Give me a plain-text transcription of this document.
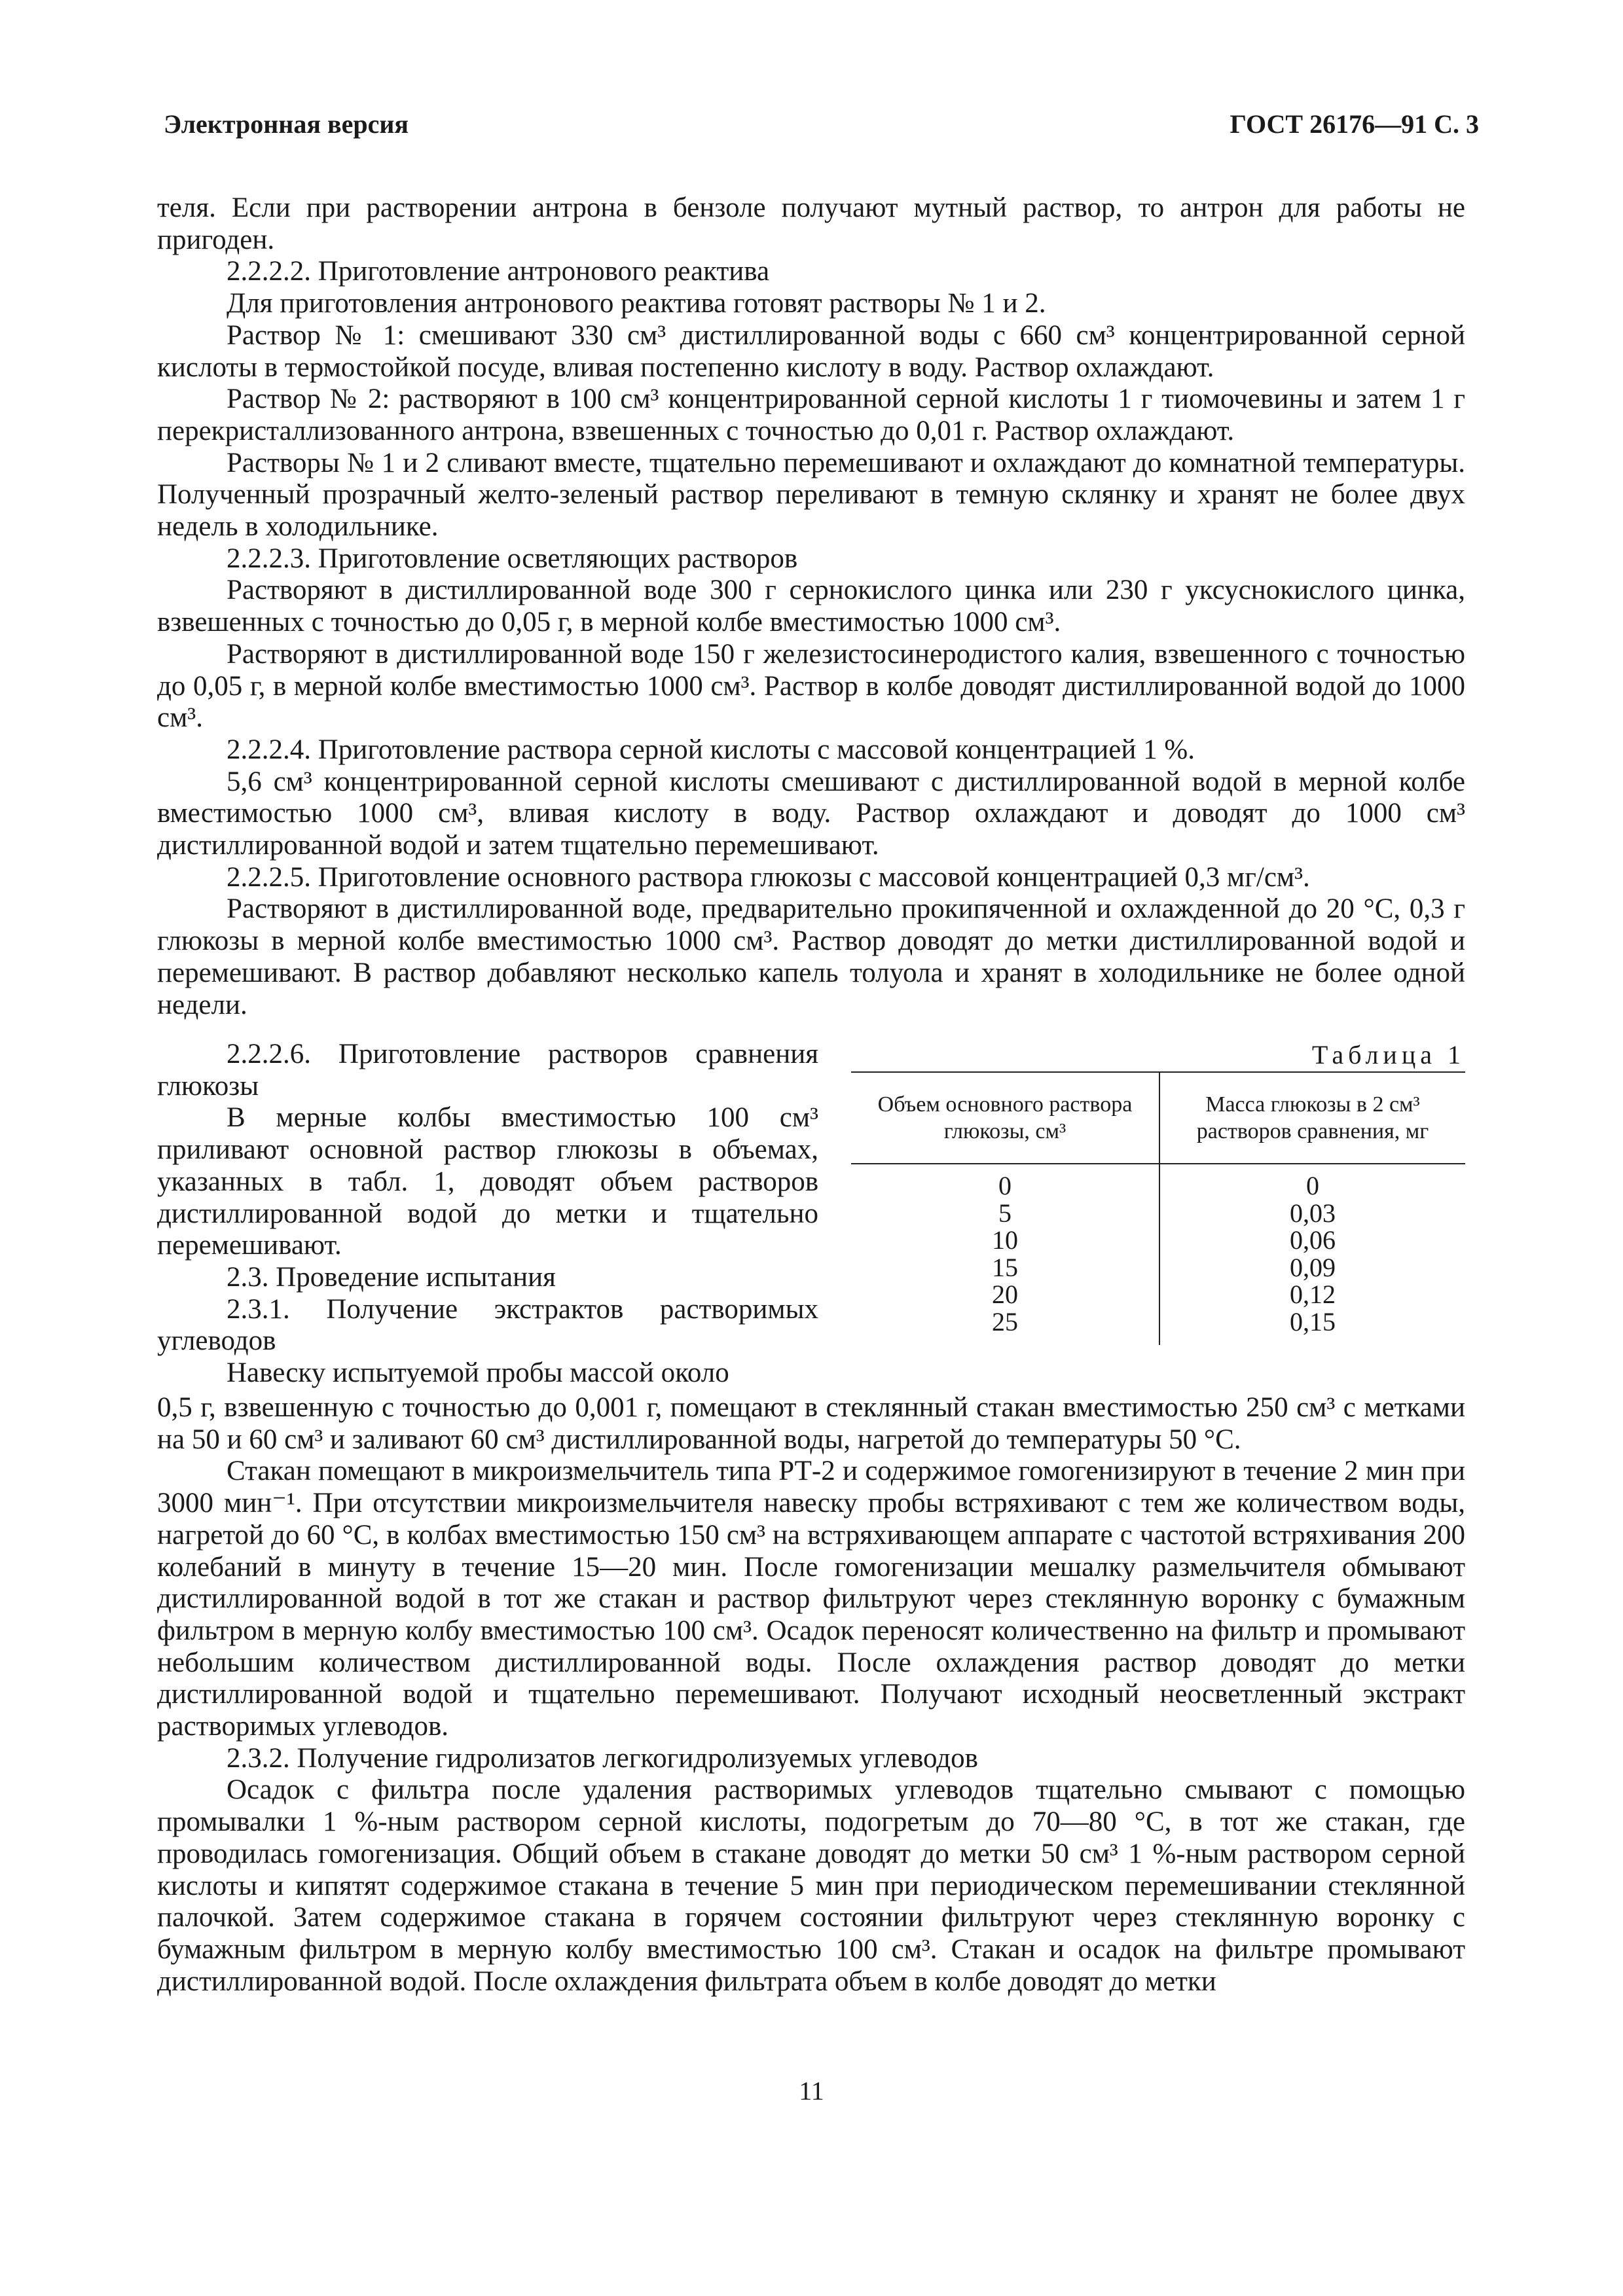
Электронная версия	ГОСТ 26176—91 С. 3

теля. Если при растворении антрона в бензоле получают мутный раствор, то антрон для работы не пригоден.

2.2.2.2. Приготовление антронового реактива

Для приготовления антронового реактива готовят растворы № 1 и 2.

Раствор № 1: смешивают 330 см³ дистиллированной воды с 660 см³ концентрированной серной кислоты в термостойкой посуде, вливая постепенно кислоту в воду. Раствор охлаждают.

Раствор № 2: растворяют в 100 см³ концентрированной серной кислоты 1 г тиомочевины и затем 1 г перекристаллизованного антрона, взвешенных с точностью до 0,01 г. Раствор охлаждают.

Растворы № 1 и 2 сливают вместе, тщательно перемешивают и охлаждают до комнатной температуры. Полученный прозрачный желто-зеленый раствор переливают в темную склянку и хранят не более двух недель в холодильнике.

2.2.2.3. Приготовление осветляющих растворов

Растворяют в дистиллированной воде 300 г сернокислого цинка или 230 г уксуснокислого цинка, взвешенных с точностью до 0,05 г, в мерной колбе вместимостью 1000 см³.

Растворяют в дистиллированной воде 150 г железистосинеродистого калия, взвешенного с точностью до 0,05 г, в мерной колбе вместимостью 1000 см³. Раствор в колбе доводят дистиллированной водой до 1000 см³.

2.2.2.4. Приготовление раствора серной кислоты с массовой концентрацией 1 %.

5,6 см³ концентрированной серной кислоты смешивают с дистиллированной водой в мерной колбе вместимостью 1000 см³, вливая кислоту в воду. Раствор охлаждают и доводят до 1000 см³ дистиллированной водой и затем тщательно перемешивают.

2.2.2.5. Приготовление основного раствора глюкозы с массовой концентрацией 0,3 мг/см³.

Растворяют в дистиллированной воде, предварительно прокипяченной и охлажденной до 20 °С, 0,3 г глюкозы в мерной колбе вместимостью 1000 см³. Раствор доводят до метки дистиллированной водой и перемешивают. В раствор добавляют несколько капель толуола и хранят в холодильнике не более одной недели.

2.2.2.6. Приготовление растворов сравнения глюкозы

В мерные колбы вместимостью 100 см³ приливают основной раствор глюкозы в объемах, указанных в табл. 1, доводят объем растворов дистиллированной водой до метки и тщательно перемешивают.

2.3. Проведение испытания

2.3.1. Получение экстрактов растворимых углеводов

Навеску испытуемой пробы массой около

Таблица 1
Объем основного раствора глюкозы, см³
Масса глюкозы в 2 см³ растворов сравнения, мг
0	0
5	0,03
10	0,06
15	0,09
20	0,12
25	0,15

0,5 г, взвешенную с точностью до 0,001 г, помещают в стеклянный стакан вместимостью 250 см³ с метками на 50 и 60 см³ и заливают 60 см³ дистиллированной воды, нагретой до температуры 50 °С.

Стакан помещают в микроизмельчитель типа РТ-2 и содержимое гомогенизируют в течение 2 мин при 3000 мин⁻¹. При отсутствии микроизмельчителя навеску пробы встряхивают с тем же количеством воды, нагретой до 60 °С, в колбах вместимостью 150 см³ на встряхивающем аппарате с частотой встряхивания 200 колебаний в минуту в течение 15—20 мин. После гомогенизации мешалку размельчителя обмывают дистиллированной водой в тот же стакан и раствор фильтруют через стеклянную воронку с бумажным фильтром в мерную колбу вместимостью 100 см³. Осадок переносят количественно на фильтр и промывают небольшим количеством дистиллированной воды. После охлаждения раствор доводят до метки дистиллированной водой и тщательно перемешивают. Получают исходный неосветленный экстракт растворимых углеводов.

2.3.2. Получение гидролизатов легкогидролизуемых углеводов

Осадок с фильтра после удаления растворимых углеводов тщательно смывают с помощью промывалки 1 %-ным раствором серной кислоты, подогретым до 70—80 °С, в тот же стакан, где проводилась гомогенизация. Общий объем в стакане доводят до метки 50 см³ 1 %-ным раствором серной кислоты и кипятят содержимое стакана в течение 5 мин при периодическом перемешивании стеклянной палочкой. Затем содержимое стакана в горячем состоянии фильтруют через стеклянную воронку с бумажным фильтром в мерную колбу вместимостью 100 см³. Стакан и осадок на фильтре промывают дистиллированной водой. После охлаждения фильтрата объем в колбе доводят до метки

11
